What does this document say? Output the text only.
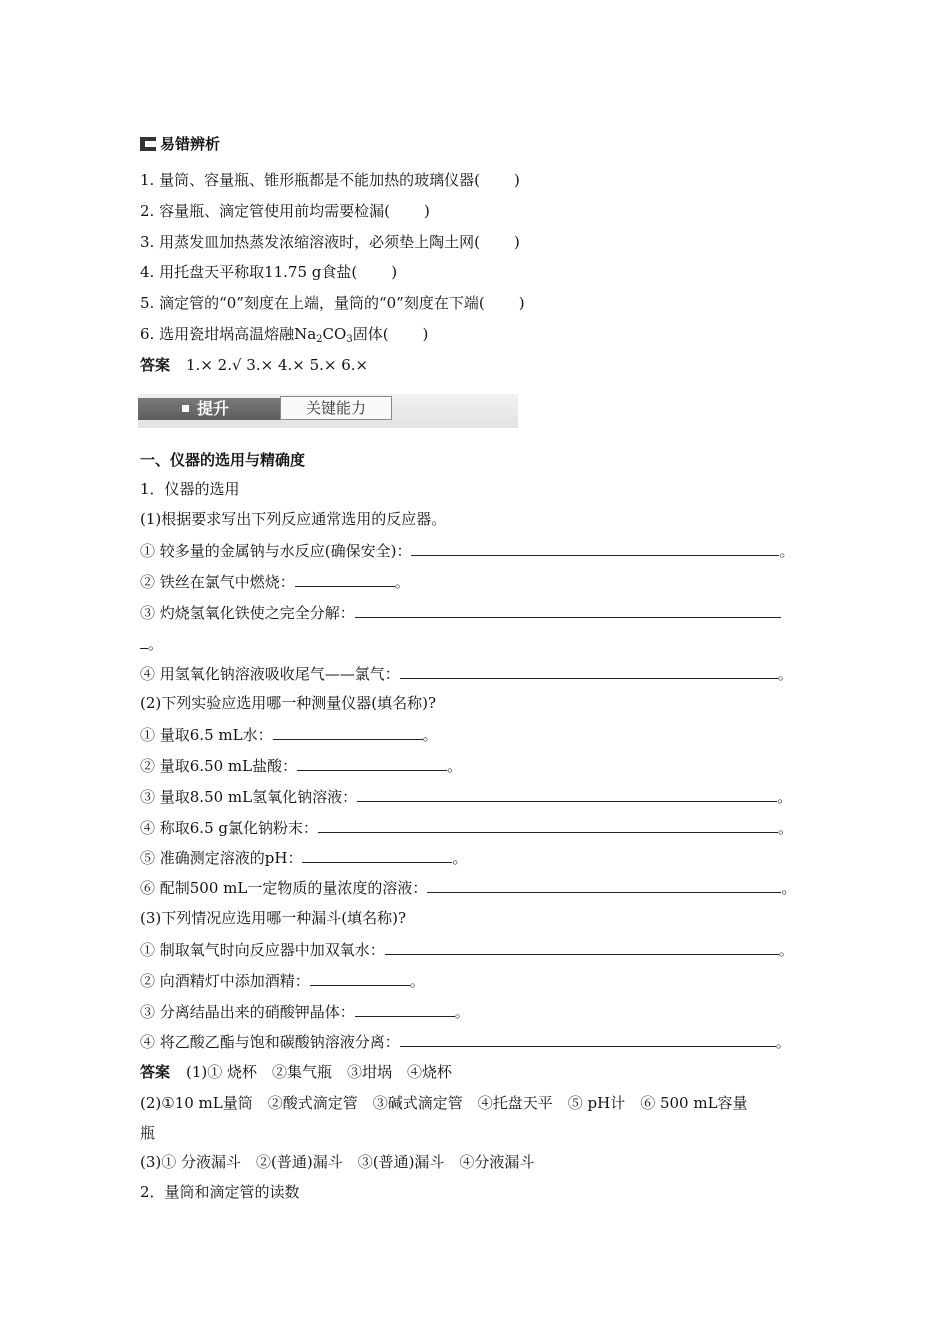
易错辨析
1. 量筒、容量瓶、锥形瓶都是不能加热的玻璃仪器( )
2. 容量瓶、滴定管使用前均需要检漏( )
3. 用蒸发皿加热蒸发浓缩溶液时，必须垫上陶土网( )
4. 用托盘天平称取11.75 g食盐( )
5. 滴定管的“0”刻度在上端，量筒的“0”刻度在下端( )
6. 选用瓷坩埚高温熔融$Na_2CO_3$固体( )
答案 1.× 2.√ 3.× 4.× 5.× 6.×
提升	关键能力
一、仪器的选用与精确度
1．仪器的选用
(1)根据要求写出下列反应通常选用的反应器。
① 较多量的金属钠与水反应(确保安全)：	。
② 铁丝在氯气中燃烧：	。
③ 灼烧氢氧化铁使之完全分解：
。
④ 用氢氧化钠溶液吸收尾气——氯气：	。
(2)下列实验应选用哪一种测量仪器(填名称)?
① 量取6.5 mL水：	。
② 量取6.50 mL盐酸：	。
③ 量取8.50 mL氢氧化钠溶液：	。
④ 称取6.5 g氯化钠粉末：	。
⑤ 准确测定溶液的pH：	。
⑥ 配制500 mL一定物质的量浓度的溶液：	。
(3)下列情况应选用哪一种漏斗(填名称)?
① 制取氧气时向反应器中加双氧水：	。
② 向酒精灯中添加酒精：	。
③ 分离结晶出来的硝酸钾晶体：	。
④ 将乙酸乙酯与饱和碳酸钠溶液分离：	。
答案 (1)① 烧杯　②集气瓶　③坩埚　④烧杯
(2)①10 mL量筒　②酸式滴定管　③碱式滴定管　④托盘天平　⑤ pH计　⑥ 500 mL容量
瓶
(3)① 分液漏斗　②(普通)漏斗　③(普通)漏斗　④分液漏斗
2．量筒和滴定管的读数
